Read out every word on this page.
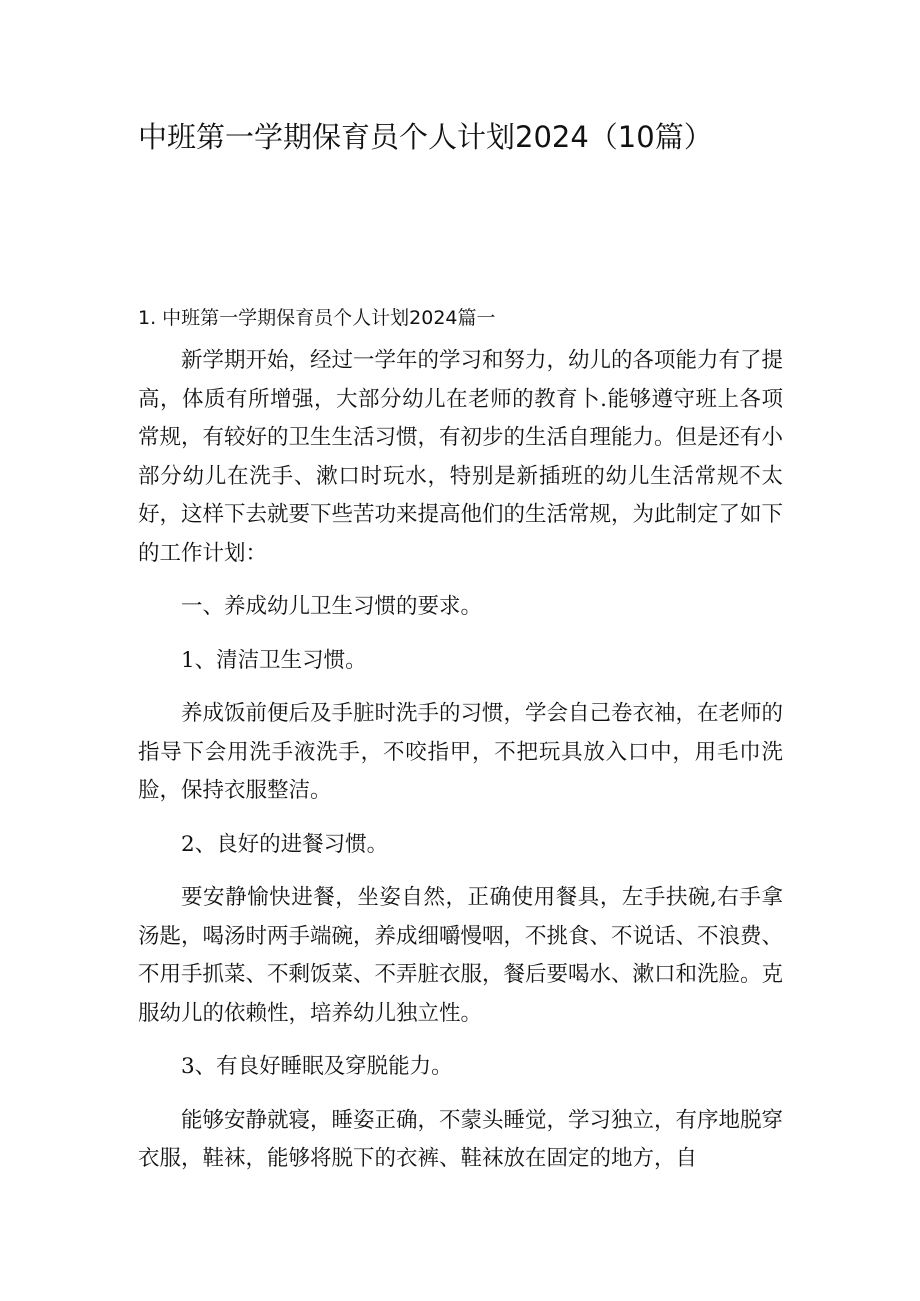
中班第一学期保育员个人计划2024（10篇）
1. 中班第一学期保育员个人计划2024篇一

新学期开始，经过一学年的学习和努力，幼儿的各项能力有了提高，体质有所增强，大部分幼儿在老师的教育卜.能够遵守班上各项常规，有较好的卫生生活习惯，有初步的生活自理能力。但是还有小部分幼儿在洗手、漱口时玩水，特别是新插班的幼儿生活常规不太好，这样下去就要下些苦功来提高他们的生活常规，为此制定了如下的工作计划：

一、养成幼儿卫生习惯的要求。

1、清洁卫生习惯。

养成饭前便后及手脏时洗手的习惯，学会自己卷衣袖，在老师的指导下会用洗手液洗手，不咬指甲，不把玩具放入口中，用毛巾洗脸，保持衣服整洁。

2、良好的进餐习惯。

要安静愉快进餐，坐姿自然，正确使用餐具，左手扶碗,右手拿汤匙，喝汤时两手端碗，养成细嚼慢咽，不挑食、不说话、不浪费、不用手抓菜、不剩饭菜、不弄脏衣服，餐后要喝水、漱口和洗脸。克服幼儿的依赖性，培养幼儿独立性。

3、有良好睡眠及穿脱能力。

能够安静就寝，睡姿正确，不蒙头睡觉，学习独立，有序地脱穿衣服，鞋袜，能够将脱下的衣裤、鞋袜放在固定的地方，自
